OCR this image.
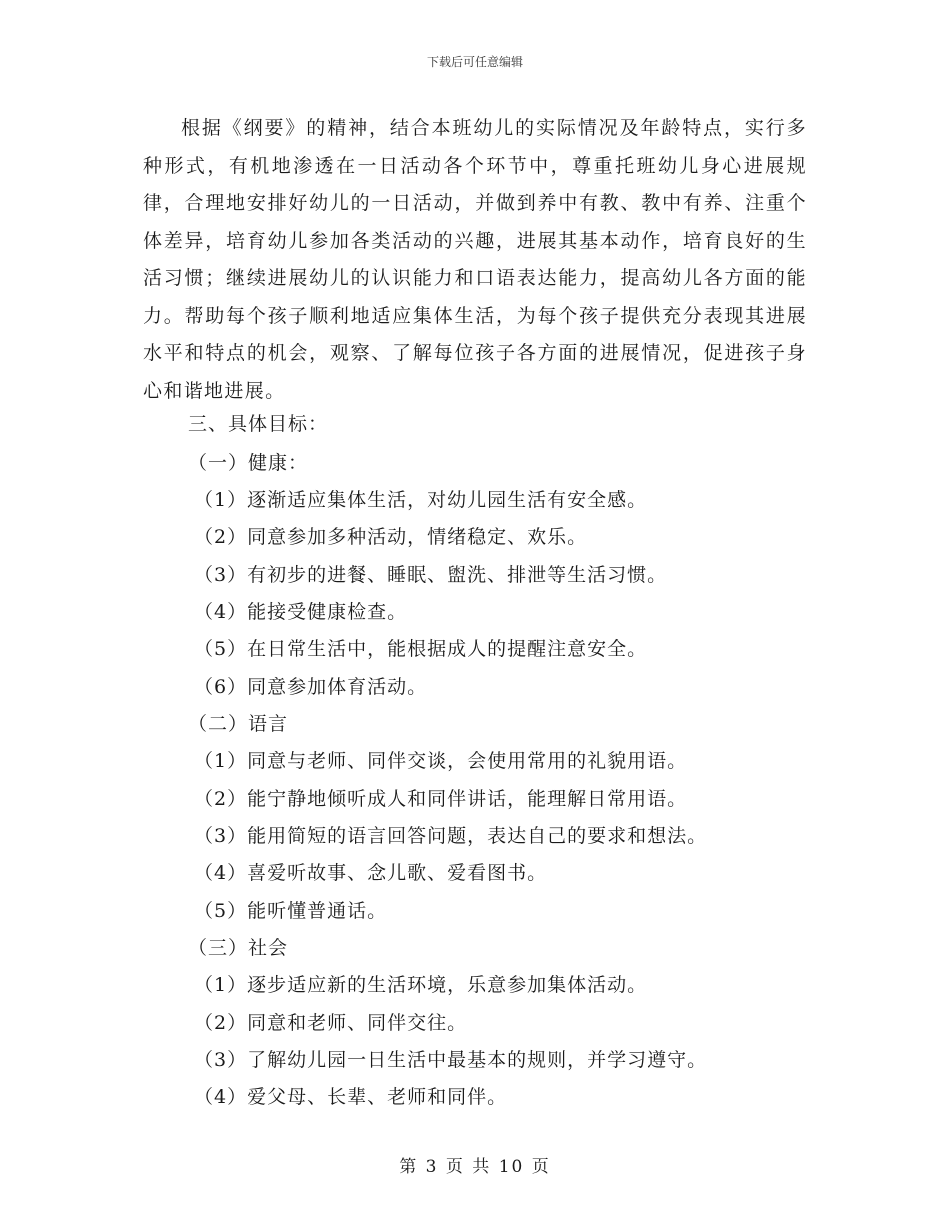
下载后可任意编辑
根据《纲要》的精神，结合本班幼儿的实际情况及年龄特点，实行多种形式，有机地渗透在一日活动各个环节中，尊重托班幼儿身心进展规律，合理地安排好幼儿的一日活动，并做到养中有教、教中有养、注重个体差异，培育幼儿参加各类活动的兴趣，进展其基本动作，培育良好的生活习惯；继续进展幼儿的认识能力和口语表达能力，提高幼儿各方面的能力。帮助每个孩子顺利地适应集体生活，为每个孩子提供充分表现其进展水平和特点的机会，观察、了解每位孩子各方面的进展情况，促进孩子身心和谐地进展。
三、具体目标：
（一）健康：
（1）逐渐适应集体生活，对幼儿园生活有安全感。
（2）同意参加多种活动，情绪稳定、欢乐。
（3）有初步的进餐、睡眠、盥洗、排泄等生活习惯。
（4）能接受健康检查。
（5）在日常生活中，能根据成人的提醒注意安全。
（6）同意参加体育活动。
（二）语言
（1）同意与老师、同伴交谈，会使用常用的礼貌用语。
（2）能宁静地倾听成人和同伴讲话，能理解日常用语。
（3）能用简短的语言回答问题，表达自己的要求和想法。
（4）喜爱听故事、念儿歌、爱看图书。
（5）能听懂普通话。
（三）社会
（1）逐步适应新的生活环境，乐意参加集体活动。
（2）同意和老师、同伴交往。
（3）了解幼儿园一日生活中最基本的规则，并学习遵守。
（4）爱父母、长辈、老师和同伴。
第 3 页 共 10 页
